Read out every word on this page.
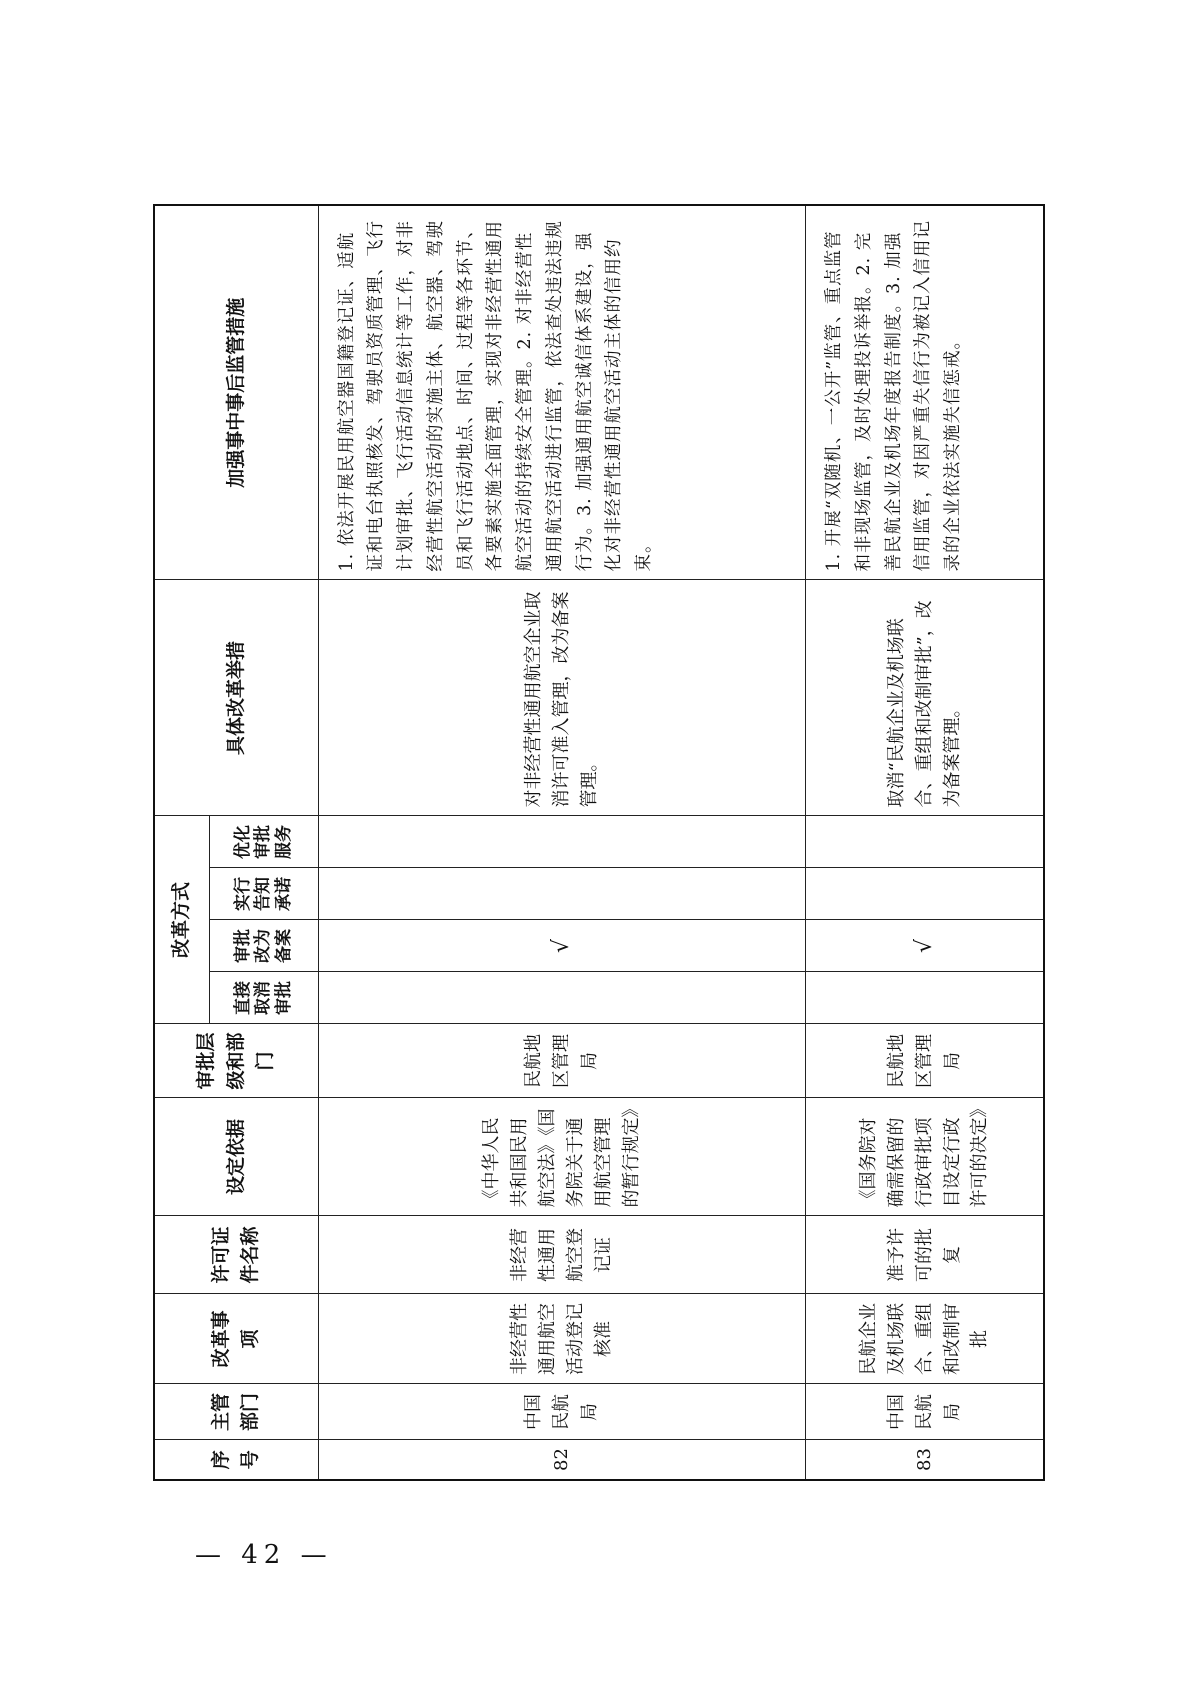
序号	主管部门	改革事项	许可证件名称	设定依据	审批层级和部门	改革方式				具体改革举措	加强事中事后监管措施
						直接取消审批	审批改为备案	实行告知承诺	优化审批服务		
82	中国民航局	非经营性通用航空活动登记核准	非经营性通用航空登记证	《中华人民共和国民用航空法》《国务院关于通用航空管理的暂行规定》	民航地区管理局		√			对非经营性通用航空企业取消许可准入管理，改为备案管理。	1. 依法开展民用航空器国籍登记证、适航证和电台执照核发、驾驶员资质管理、飞行计划审批、飞行活动信息统计等工作，对非经营性航空活动的实施主体、航空器、驾驶员和飞行活动地点、时间、过程等各环节、各要素实施全面管理，实现对非经营性通用航空活动的持续安全管理。2. 对非经营性通用航空活动进行监管，依法查处违法违规行为。3. 加强通用航空诚信体系建设，强化对非经营性通用航空活动主体的信用约束。
83	中国民航局	民航企业及机场联合、重组和改制审批	准予许可的批复	《国务院对确需保留的行政审批项目设定行政许可的决定》	民航地区管理局		√			取消“民航企业及机场联合、重组和改制审批”，改为备案管理。	1. 开展“双随机、一公开”监管、重点监管和非现场监管，及时处理投诉举报。2. 完善民航企业及机场年度报告制度。3. 加强信用监管，对因严重失信行为被记入信用记录的企业依法实施失信惩戒。
— 42 —
